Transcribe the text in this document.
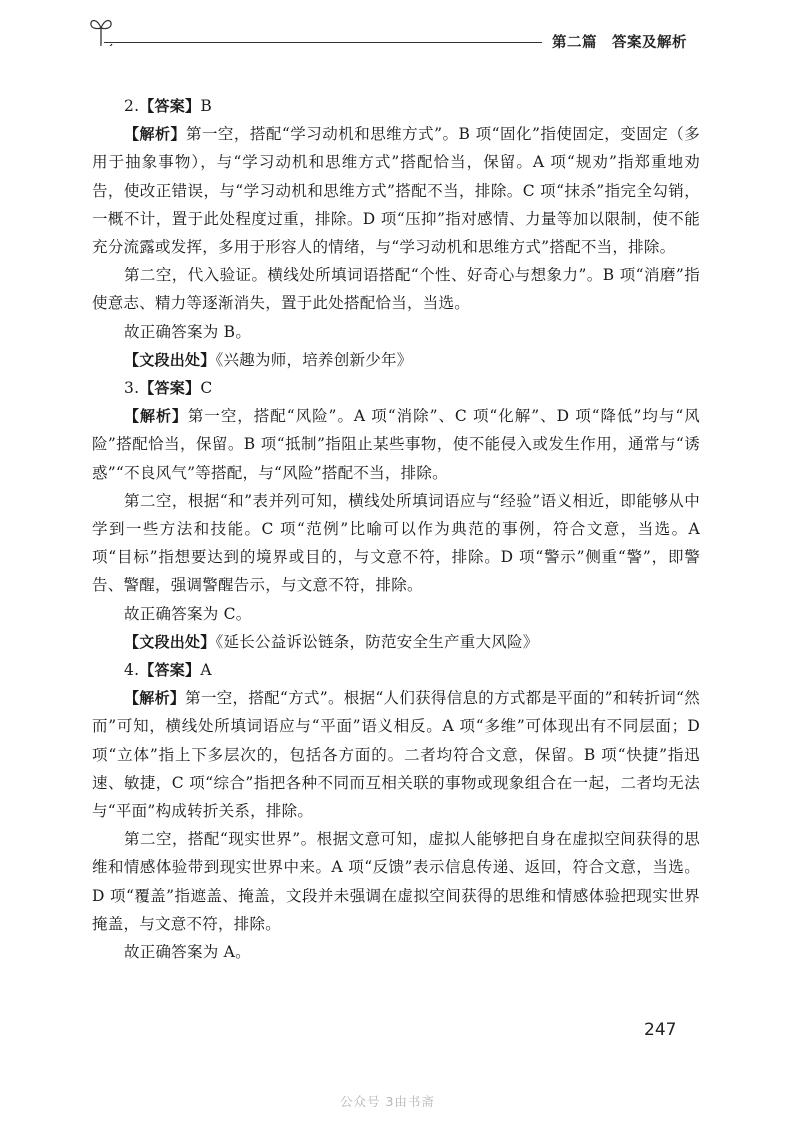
第二篇　答案及解析

2.【答案】B

【解析】第一空，搭配“学习动机和思维方式”。B 项“固化”指使固定，变固定（多用于抽象事物），与“学习动机和思维方式”搭配恰当，保留。A 项“规劝”指郑重地劝告，使改正错误，与“学习动机和思维方式”搭配不当，排除。C 项“抹杀”指完全勾销，一概不计，置于此处程度过重，排除。D 项“压抑”指对感情、力量等加以限制，使不能充分流露或发挥，多用于形容人的情绪，与“学习动机和思维方式”搭配不当，排除。

第二空，代入验证。横线处所填词语搭配“个性、好奇心与想象力”。B 项“消磨”指使意志、精力等逐渐消失，置于此处搭配恰当，当选。

故正确答案为 B。

【文段出处】《兴趣为师，培养创新少年》

3.【答案】C

【解析】第一空，搭配“风险”。A 项“消除”、C 项“化解”、D 项“降低”均与“风险”搭配恰当，保留。B 项“抵制”指阻止某些事物，使不能侵入或发生作用，通常与“诱惑”“不良风气”等搭配，与“风险”搭配不当，排除。

第二空，根据“和”表并列可知，横线处所填词语应与“经验”语义相近，即能够从中学到一些方法和技能。C 项“范例”比喻可以作为典范的事例，符合文意，当选。A 项“目标”指想要达到的境界或目的，与文意不符，排除。D 项“警示”侧重“警”，即警告、警醒，强调警醒告示，与文意不符，排除。

故正确答案为 C。

【文段出处】《延长公益诉讼链条，防范安全生产重大风险》

4.【答案】A

【解析】第一空，搭配“方式”。根据“人们获得信息的方式都是平面的”和转折词“然而”可知，横线处所填词语应与“平面”语义相反。A 项“多维”可体现出有不同层面；D 项“立体”指上下多层次的，包括各方面的。二者均符合文意，保留。B 项“快捷”指迅速、敏捷，C 项“综合”指把各种不同而互相关联的事物或现象组合在一起，二者均无法与“平面”构成转折关系，排除。

第二空，搭配“现实世界”。根据文意可知，虚拟人能够把自身在虚拟空间获得的思维和情感体验带到现实世界中来。A 项“反馈”表示信息传递、返回，符合文意，当选。D 项“覆盖”指遮盖、掩盖，文段并未强调在虚拟空间获得的思维和情感体验把现实世界掩盖，与文意不符，排除。

故正确答案为 A。

247
公众号 3由书斋
